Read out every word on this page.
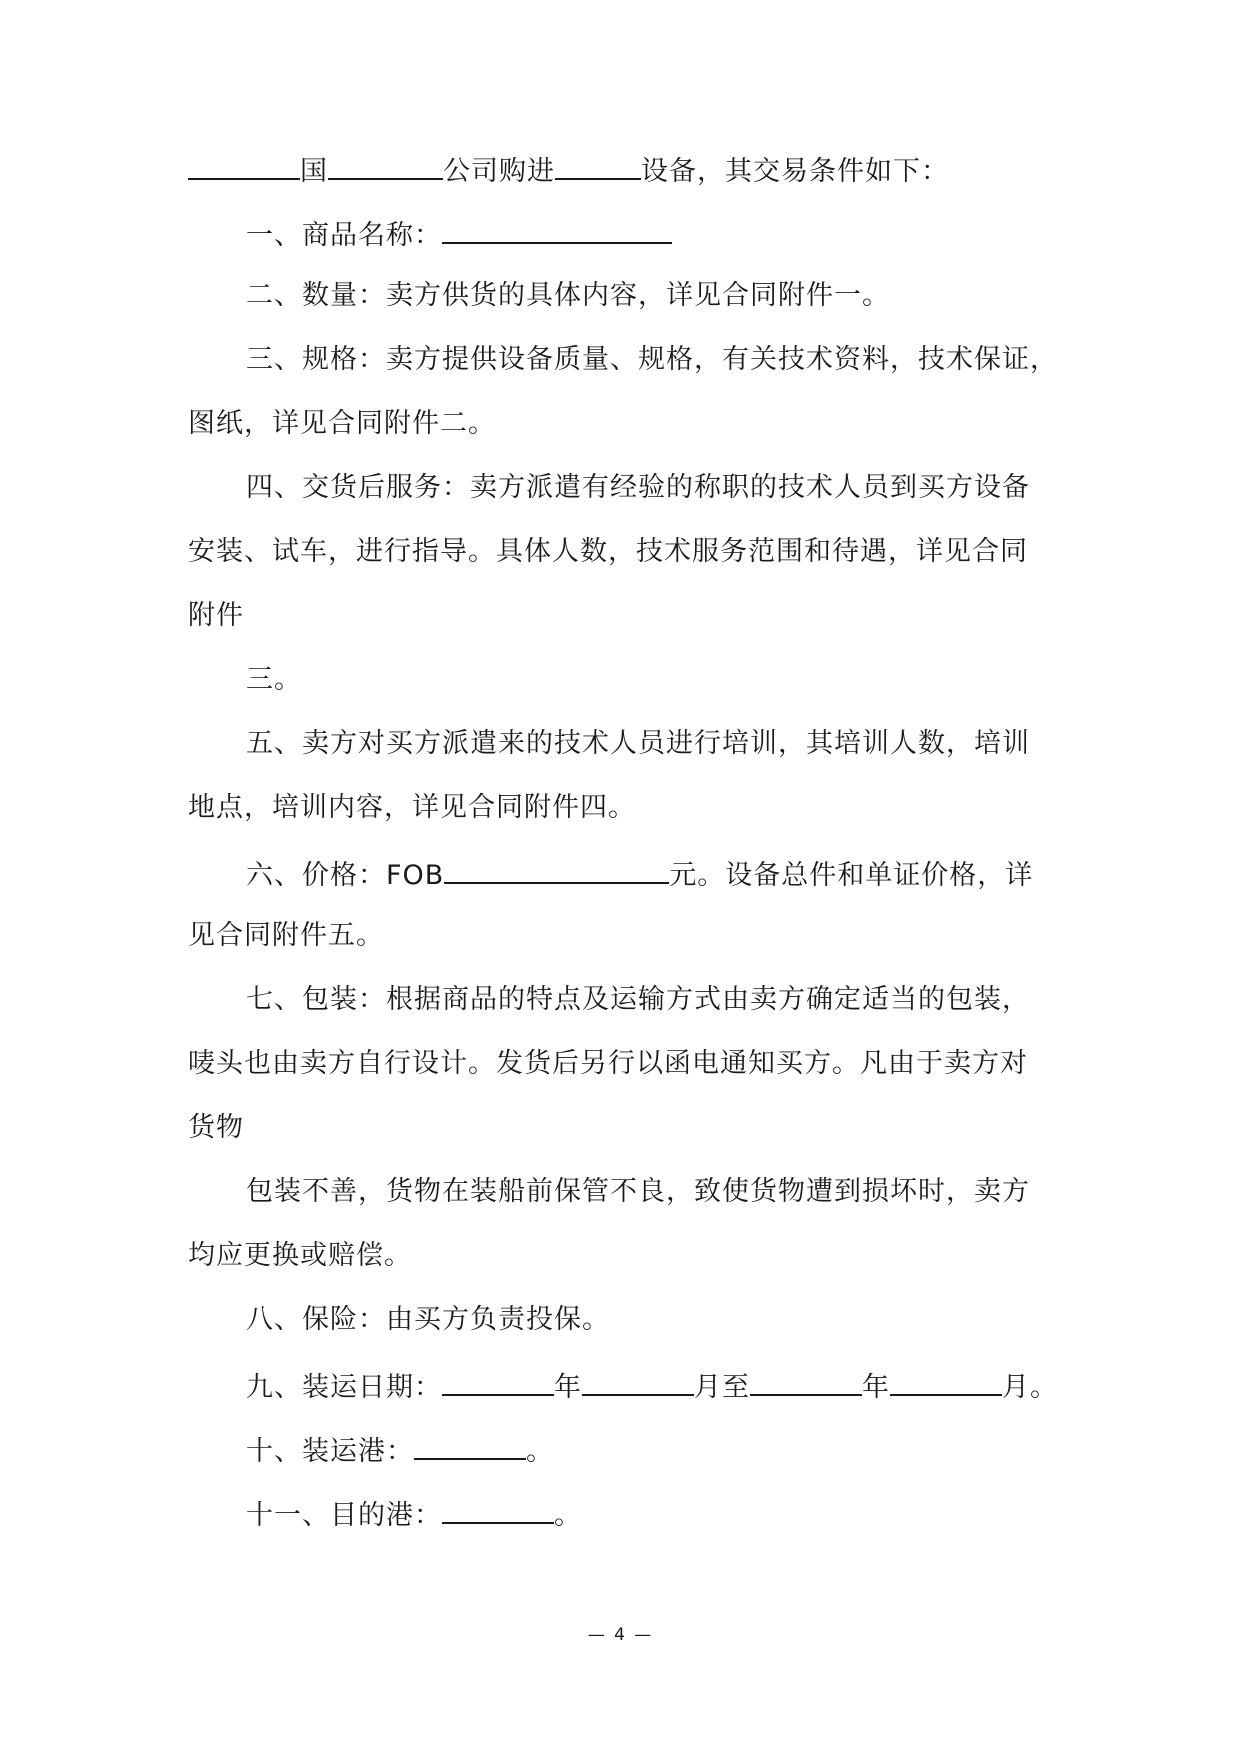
国	公司购进	设备，其交易条件如下：
一、商品名称：
二、数量：卖方供货的具体内容，详见合同附件一。
三、规格：卖方提供设备质量、规格，有关技术资料，技术保证，
图纸，详见合同附件二。
四、交货后服务：卖方派遣有经验的称职的技术人员到买方设备
安装、试车，进行指导。具体人数，技术服务范围和待遇，详见合同
附件
三。
五、卖方对买方派遣来的技术人员进行培训，其培训人数，培训
地点，培训内容，详见合同附件四。
六、价格：FOB	元。设备总件和单证价格，详
见合同附件五。
七、包装：根据商品的特点及运输方式由卖方确定适当的包装，
唛头也由卖方自行设计。发货后另行以函电通知买方。凡由于卖方对
货物
包装不善，货物在装船前保管不良，致使货物遭到损坏时，卖方
均应更换或赔偿。
八、保险：由买方负责投保。
九、装运日期：	年	月至	年	月。
十、装运港：	。
十一、目的港：	。
— 4 —
